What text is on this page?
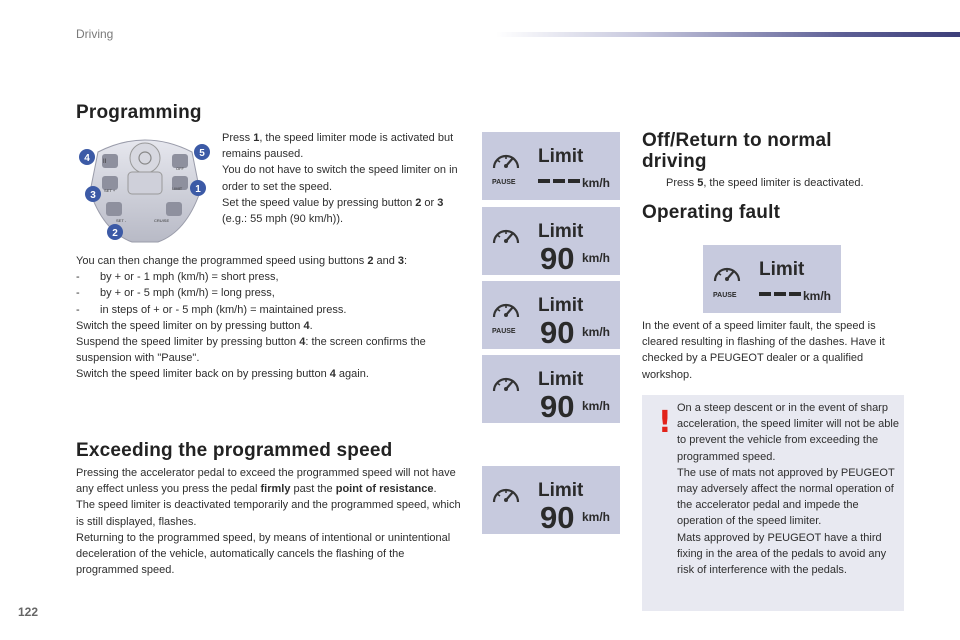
Driving
122
Programming
II
SET +
SET -
LIMIT
CRUISE
OFF
4	5
3
1
2

Press 1, the speed limiter mode is activated but remains paused.

You do not have to switch the speed limiter on in order to set the speed.

Set the speed value by pressing button 2 or 3 (e.g.: 55 mph (90 km/h)).

You can then change the programmed speed using buttons 2 and 3:

-	by + or - 1 mph (km/h) = short press,

-	by + or - 5 mph (km/h) = long press,

-	in steps of + or - 5 mph (km/h) = maintained press.

Switch the speed limiter on by pressing button 4.

Suspend the speed limiter by pressing button 4: the screen confirms the suspension with "Pause".

Switch the speed limiter back on by pressing button 4 again.

Exceeding the programmed speed

Pressing the accelerator pedal to exceed the programmed speed will not have any effect unless you press the pedal firmly past the point of resistance.

The speed limiter is deactivated temporarily and the programmed speed, which is still displayed, flashes.

Returning to the programmed speed, by means of intentional or unintentional deceleration of the vehicle, automatically cancels the flashing of the programmed speed.

Limit
PAUSE	km/h
Limit
90 km/h
Limit
PAUSE 90 km/h
Limit
90 km/h
Limit
90 km/h
Limit
PAUSE	km/h
Off/Return to normal driving

Press 5, the speed limiter is deactivated.

Operating fault
In the event of a speed limiter fault, the speed is cleared resulting in flashing of the dashes. Have it checked by a PEUGEOT dealer or a qualified workshop.
! On a steep descent or in the event of sharp acceleration, the speed limiter will not be able to prevent the vehicle from exceeding the programmed speed.

The use of mats not approved by PEUGEOT may adversely affect the normal operation of the accelerator pedal and impede the operation of the speed limiter.

Mats approved by PEUGEOT have a third fixing in the area of the pedals to avoid any risk of interference with the pedals.
